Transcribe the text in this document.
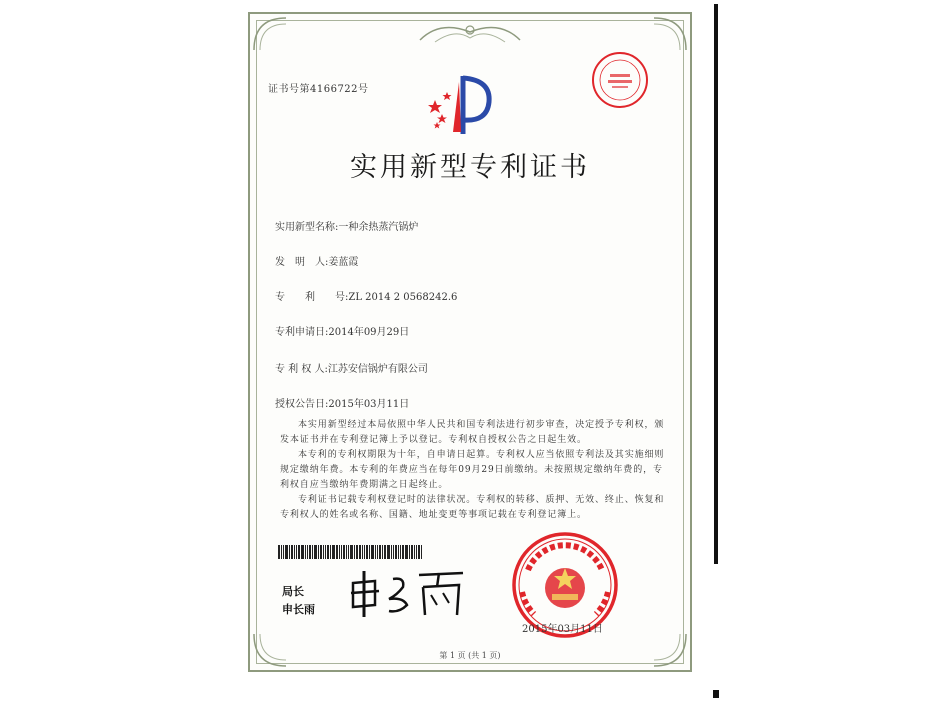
证书号第4166722号
实用新型专利证书
实用新型名称:一种余热蒸汽锅炉
发　明　人:姜蓝霞
专　　利　　号:ZL 2014 2 0568242.6
专利申请日:2014年09月29日
专 利 权 人:江苏安信锅炉有限公司
授权公告日:2015年03月11日

本实用新型经过本局依照中华人民共和国专利法进行初步审查，决定授予专利权，颁发本证书并在专利登记簿上予以登记。专利权自授权公告之日起生效。

本专利的专利权期限为十年，自申请日起算。专利权人应当依照专利法及其实施细则规定缴纳年费。本专利的年费应当在每年09月29日前缴纳。未按照规定缴纳年费的，专利权自应当缴纳年费期满之日起终止。

专利证书记载专利权登记时的法律状况。专利权的转移、质押、无效、终止、恢复和专利权人的姓名或名称、国籍、地址变更等事项记载在专利登记簿上。

局长
申长雨
2015年03月11日
第 1 页 (共 1 页)
